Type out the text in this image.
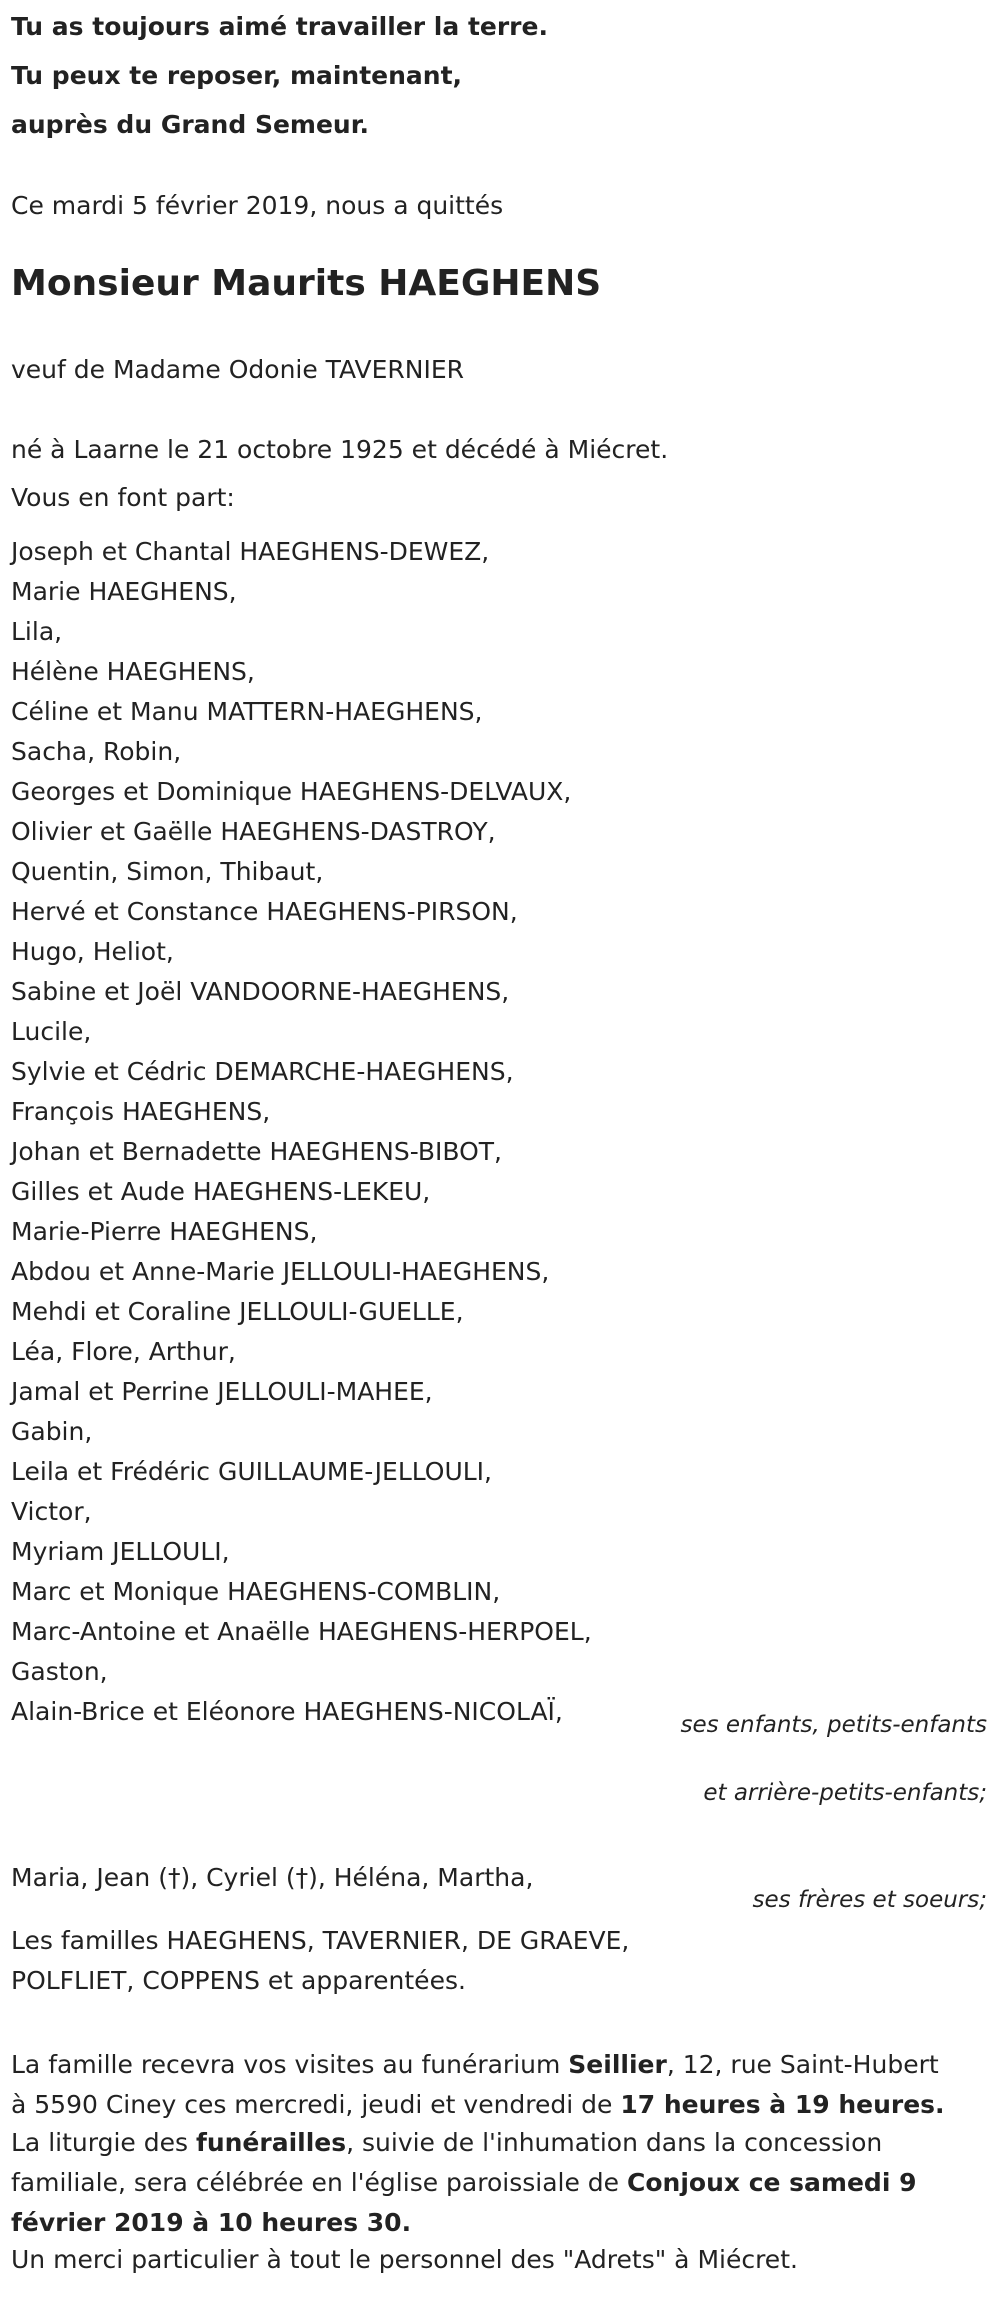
Tu as toujours aimé travailler la terre.
Tu peux te reposer, maintenant,
auprès du Grand Semeur.
Ce mardi 5 février 2019, nous a quittés
Monsieur Maurits HAEGHENS
veuf de Madame Odonie TAVERNIER
né à Laarne le 21 octobre 1925 et décédé à Miécret.
Vous en font part:
Joseph et Chantal HAEGHENS-DEWEZ,
Marie HAEGHENS,
Lila,
Hélène HAEGHENS,
Céline et Manu MATTERN-HAEGHENS,
Sacha, Robin,
Georges et Dominique HAEGHENS-DELVAUX,
Olivier et Gaëlle HAEGHENS-DASTROY,
Quentin, Simon, Thibaut,
Hervé et Constance HAEGHENS-PIRSON,
Hugo, Heliot,
Sabine et Joël VANDOORNE-HAEGHENS,
Lucile,
Sylvie et Cédric DEMARCHE-HAEGHENS,
François HAEGHENS,
Johan et Bernadette HAEGHENS-BIBOT,
Gilles et Aude HAEGHENS-LEKEU,
Marie-Pierre HAEGHENS,
Abdou et Anne-Marie JELLOULI-HAEGHENS,
Mehdi et Coraline JELLOULI-GUELLE,
Léa, Flore, Arthur,
Jamal et Perrine JELLOULI-MAHEE,
Gabin,
Leila et Frédéric GUILLAUME-JELLOULI,
Victor,
Myriam JELLOULI,
Marc et Monique HAEGHENS-COMBLIN,
Marc-Antoine et Anaëlle HAEGHENS-HERPOEL,
Gaston,
Alain-Brice et Eléonore HAEGHENS-NICOLAÏ,	ses enfants, petits-enfants
et arrière-petits-enfants;
Maria, Jean (†), Cyriel (†), Héléna, Martha,
ses frères et soeurs;
Les familles HAEGHENS, TAVERNIER, DE GRAEVE, POLFLIET, COPPENS et apparentées.
La famille recevra vos visites au funérarium Seillier, 12, rue Saint-Hubert à 5590 Ciney ces mercredi, jeudi et vendredi de 17 heures à 19 heures.
La liturgie des funérailles, suivie de l'inhumation dans la concession familiale, sera célébrée en l'église paroissiale de Conjoux ce samedi 9 février 2019 à 10 heures 30.
Un merci particulier à tout le personnel des "Adrets" à Miécret.
